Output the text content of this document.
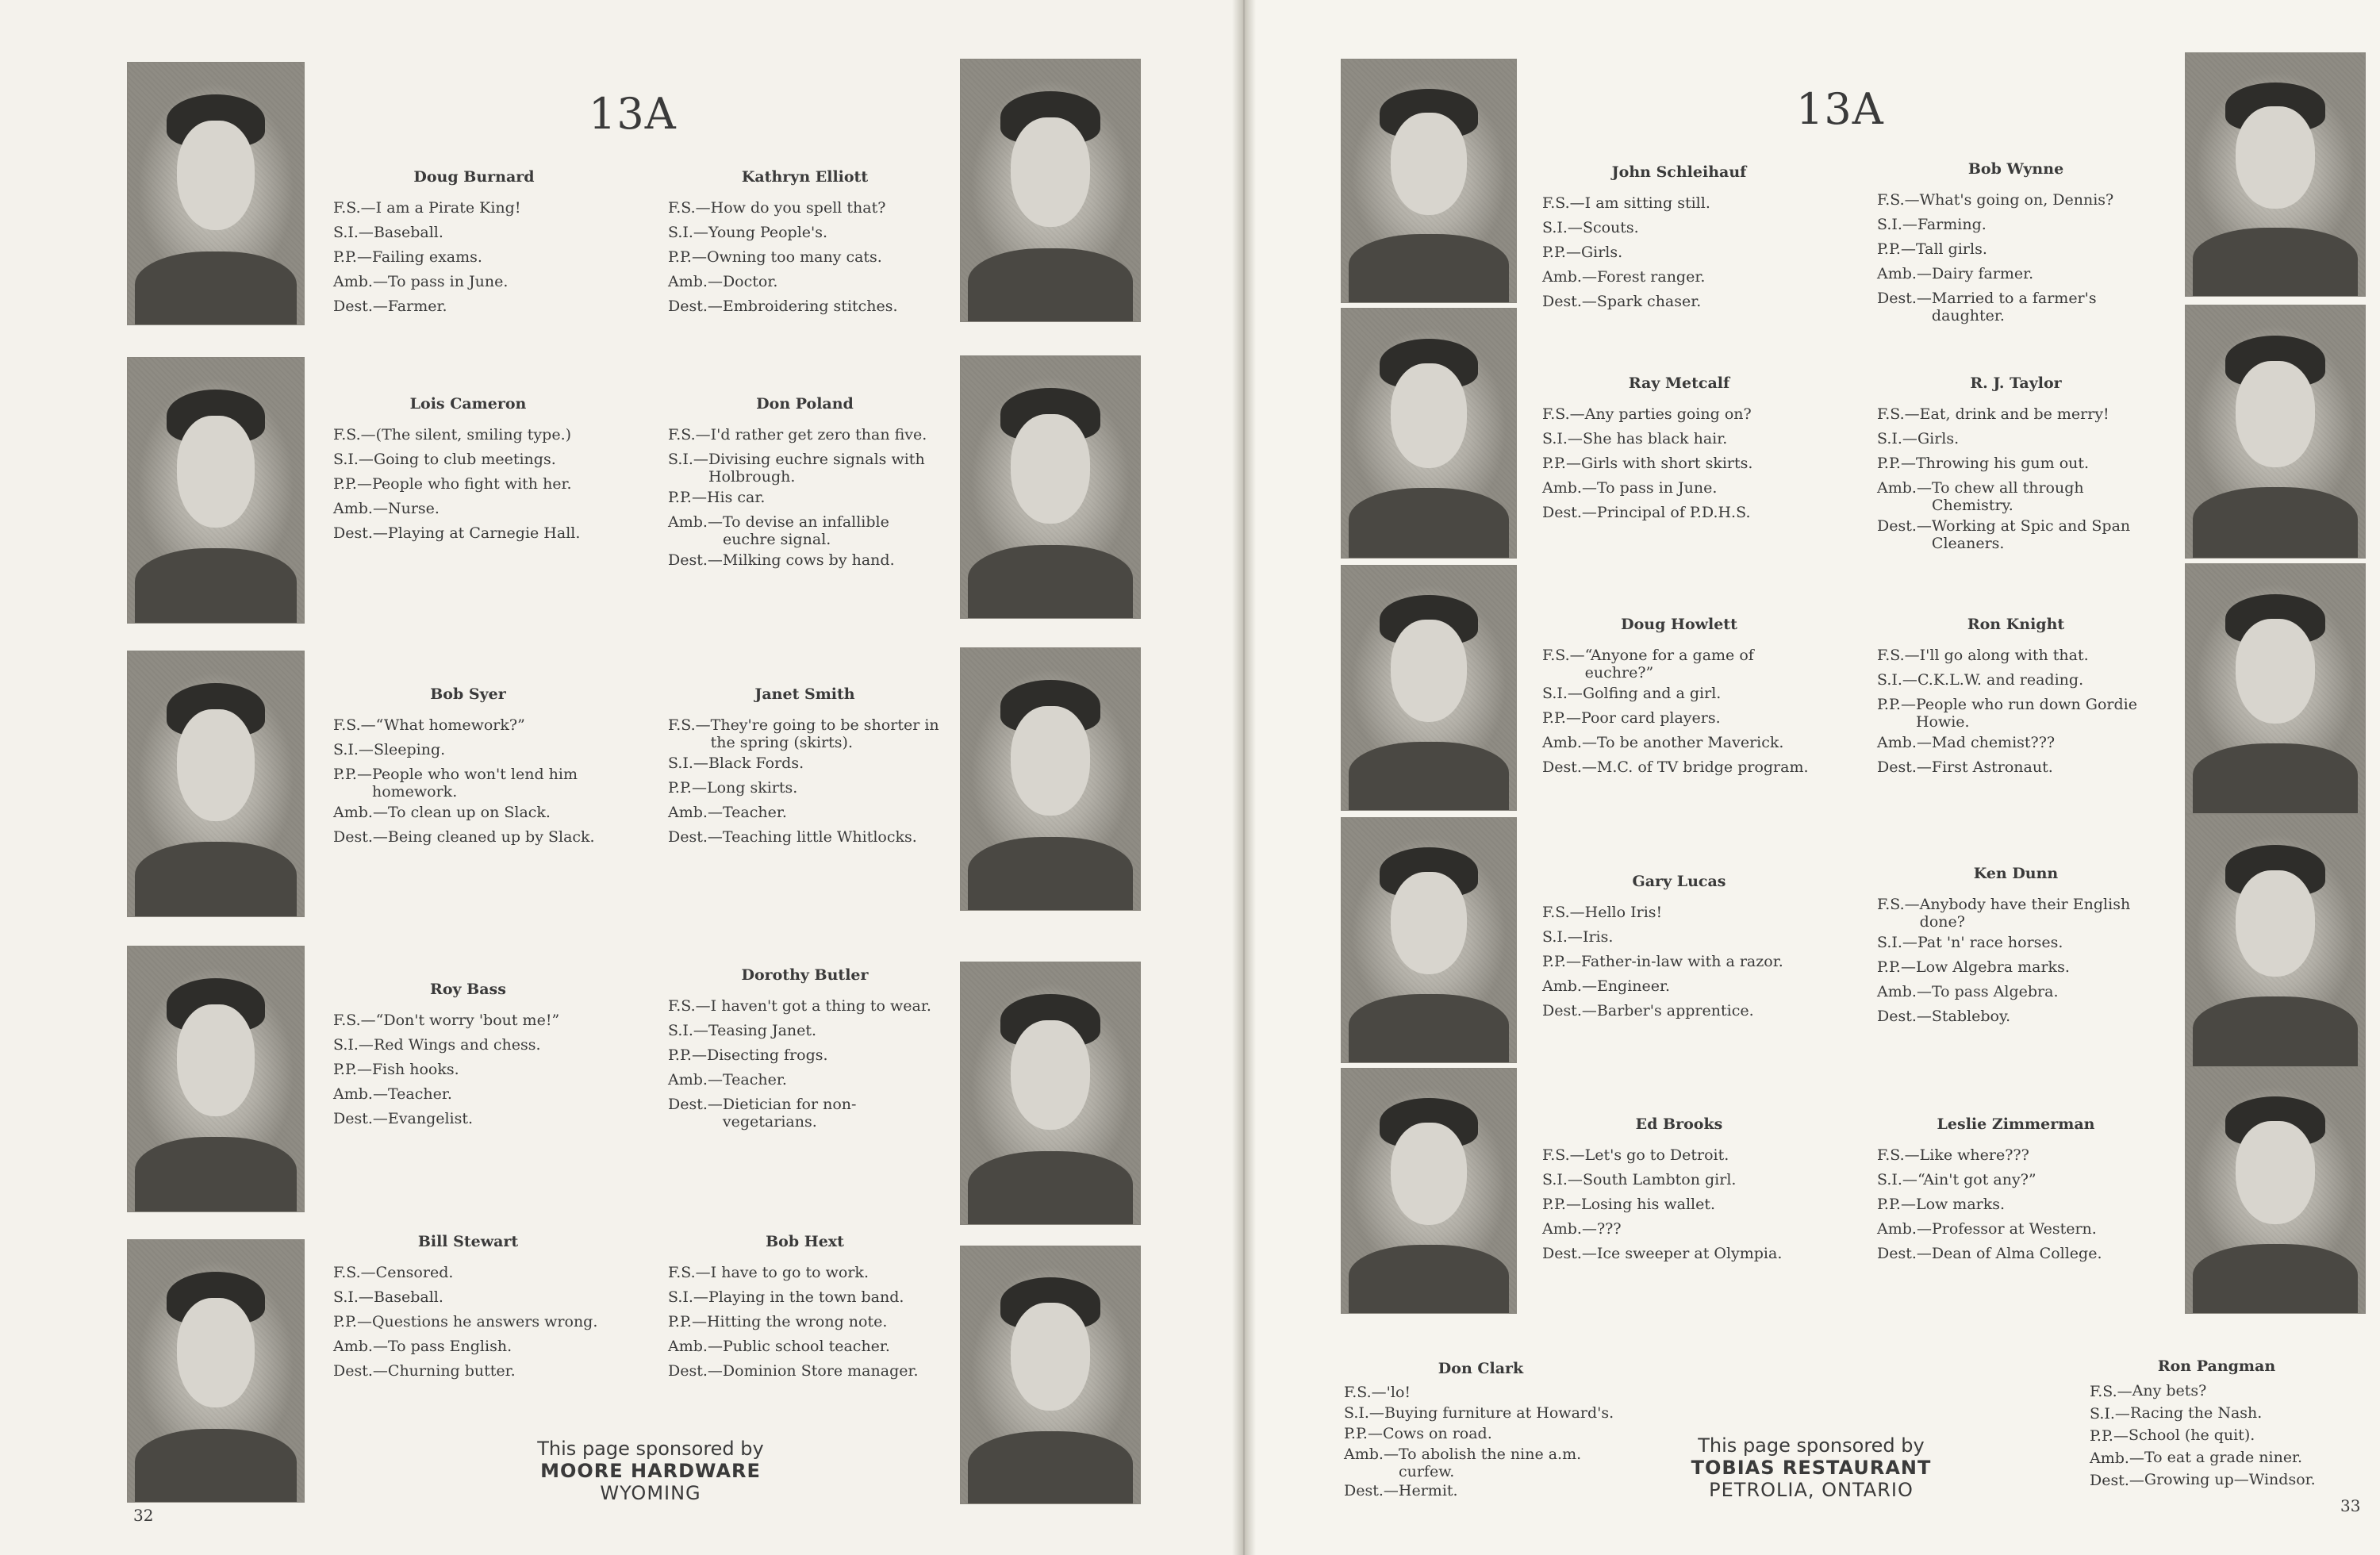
13A
Doug Burnard
F.S.— I am a Pirate King!
S.I.— Baseball.
P.P.— Failing exams.
Amb.— To pass in June.
Dest.— Farmer.
Kathryn Elliott
F.S.— How do you spell that?
S.I.— Young People's.
P.P.— Owning too many cats.
Amb.— Doctor.
Dest.— Embroidering stitches.
Lois Cameron
F.S.— (The silent, smiling type.)
S.I.— Going to club meetings.
P.P.— People who fight with her.
Amb.— Nurse.
Dest.— Playing at Carnegie Hall.
Don Poland
F.S.— I'd rather get zero than five.
S.I.— Divising euchre signals with Holbrough.
P.P.— His car.
Amb.— To devise an infallible euchre signal.
Dest.— Milking cows by hand.
Bob Syer
F.S.— “What homework?”
S.I.— Sleeping.
P.P.— People who won't lend him homework.
Amb.— To clean up on Slack.
Dest.— Being cleaned up by Slack.
Janet Smith
F.S.— They're going to be shorter in the spring (skirts).
S.I.— Black Fords.
P.P.— Long skirts.
Amb.— Teacher.
Dest.— Teaching little Whitlocks.
Roy Bass
F.S.— “Don't worry 'bout me!”
S.I.— Red Wings and chess.
P.P.— Fish hooks.
Amb.— Teacher.
Dest.— Evangelist.
Dorothy Butler
F.S.— I haven't got a thing to wear.
S.I.— Teasing Janet.
P.P.— Disecting frogs.
Amb.— Teacher.
Dest.— Dietician for non-vegetarians.
Bill Stewart
F.S.— Censored.
S.I.— Baseball.
P.P.— Questions he answers wrong.
Amb.— To pass English.
Dest.— Churning butter.
Bob Hext
F.S.— I have to go to work.
S.I.— Playing in the town band.
P.P.— Hitting the wrong note.
Amb.— Public school teacher.
Dest.— Dominion Store manager.
This page sponsored by
MOORE HARDWARE
WYOMING
32
13A
John Schleihauf
F.S.— I am sitting still.
S.I.— Scouts.
P.P.— Girls.
Amb.— Forest ranger.
Dest.— Spark chaser.
Bob Wynne
F.S.— What's going on, Dennis?
S.I.— Farming.
P.P.— Tall girls.
Amb.— Dairy farmer.
Dest.— Married to a farmer's daughter.
Ray Metcalf
F.S.— Any parties going on?
S.I.— She has black hair.
P.P.— Girls with short skirts.
Amb.— To pass in June.
Dest.— Principal of P.D.H.S.
R. J. Taylor
F.S.— Eat, drink and be merry!
S.I.— Girls.
P.P.— Throwing his gum out.
Amb.— To chew all through Chemistry.
Dest.— Working at Spic and Span Cleaners.
Doug Howlett
F.S.— “Anyone for a game of euchre?”
S.I.— Golfing and a girl.
P.P.— Poor card players.
Amb.— To be another Maverick.
Dest.— M.C. of TV bridge program.
Ron Knight
F.S.— I'll go along with that.
S.I.— C.K.L.W. and reading.
P.P.— People who run down Gordie Howie.
Amb.— Mad chemist???
Dest.— First Astronaut.
Gary Lucas
F.S.— Hello Iris!
S.I.— Iris.
P.P.— Father-in-law with a razor.
Amb.— Engineer.
Dest.— Barber's apprentice.
Ken Dunn
F.S.— Anybody have their English done?
S.I.— Pat 'n' race horses.
P.P.— Low Algebra marks.
Amb.— To pass Algebra.
Dest.— Stableboy.
Ed Brooks
F.S.— Let's go to Detroit.
S.I.— South Lambton girl.
P.P.— Losing his wallet.
Amb.— ???
Dest.— Ice sweeper at Olympia.
Leslie Zimmerman
F.S.— Like where???
S.I.— “Ain't got any?”
P.P.— Low marks.
Amb.— Professor at Western.
Dest.— Dean of Alma College.
Don Clark
F.S.— 'lo!
S.I.— Buying furniture at Howard's.
P.P.— Cows on road.
Amb.— To abolish the nine a.m. curfew.
Dest.— Hermit.
This page sponsored by
TOBIAS RESTAURANT
PETROLIA, ONTARIO
Ron Pangman
F.S.— Any bets?
S.I.— Racing the Nash.
P.P.— School (he quit).
Amb.— To eat a grade niner.
Dest.— Growing up—Windsor.
33
